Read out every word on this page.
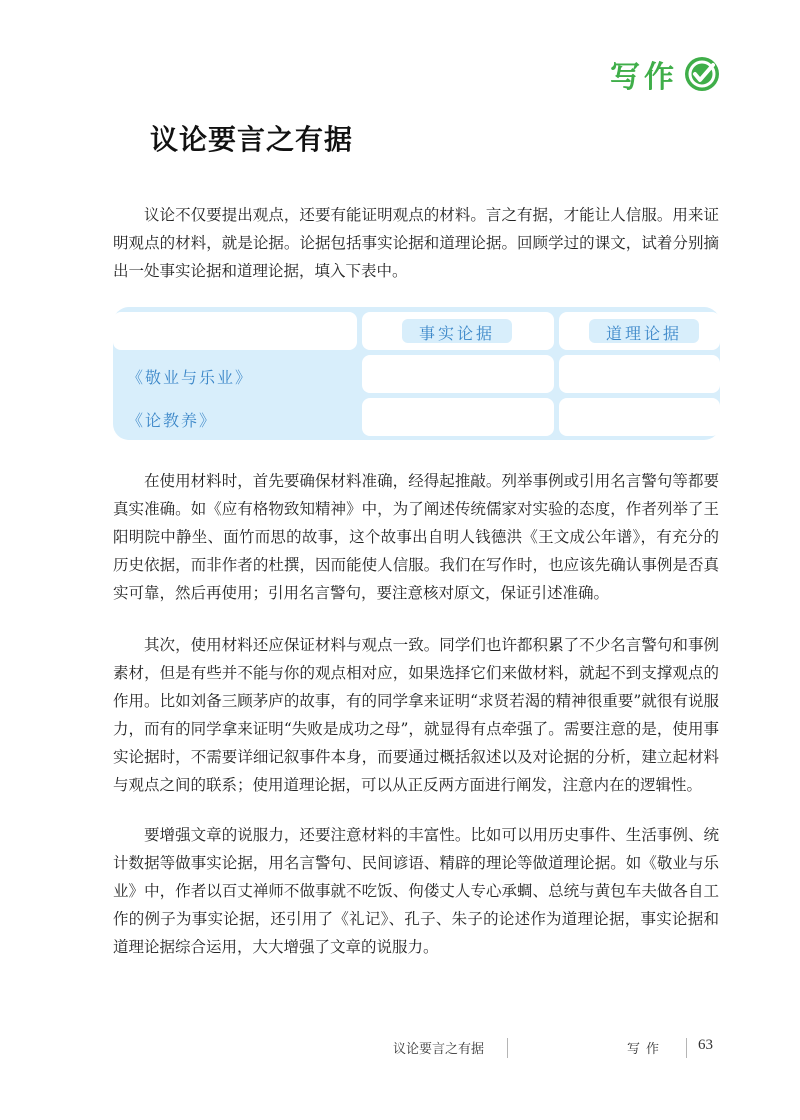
写作
议论要言之有据

议论不仅要提出观点，还要有能证明观点的材料。言之有据，才能让人信服。用来证明观点的材料，就是论据。论据包括事实论据和道理论据。回顾学过的课文，试着分别摘出一处事实论据和道理论据，填入下表中。

事实论据	道理论据
《敬业与乐业》
《论教养》

在使用材料时，首先要确保材料准确，经得起推敲。列举事例或引用名言警句等都要真实准确。如《应有格物致知精神》中，为了阐述传统儒家对实验的态度，作者列举了王阳明院中静坐、面竹而思的故事，这个故事出自明人钱德洪《王文成公年谱》，有充分的历史依据，而非作者的杜撰，因而能使人信服。我们在写作时，也应该先确认事例是否真实可靠，然后再使用；引用名言警句，要注意核对原文，保证引述准确。

其次，使用材料还应保证材料与观点一致。同学们也许都积累了不少名言警句和事例素材，但是有些并不能与你的观点相对应，如果选择它们来做材料，就起不到支撑观点的作用。比如刘备三顾茅庐的故事，有的同学拿来证明“求贤若渴的精神很重要”就很有说服力，而有的同学拿来证明“失败是成功之母”，就显得有点牵强了。需要注意的是，使用事实论据时，不需要详细记叙事件本身，而要通过概括叙述以及对论据的分析，建立起材料与观点之间的联系；使用道理论据，可以从正反两方面进行阐发，注意内在的逻辑性。

要增强文章的说服力，还要注意材料的丰富性。比如可以用历史事件、生活事例、统计数据等做事实论据，用名言警句、民间谚语、精辟的理论等做道理论据。如《敬业与乐业》中，作者以百丈禅师不做事就不吃饭、佝偻丈人专心承蜩、总统与黄包车夫做各自工作的例子为事实论据，还引用了《礼记》、孔子、朱子的论述作为道理论据，事实论据和道理论据综合运用，大大增强了文章的说服力。

议论要言之有据	写作 63
